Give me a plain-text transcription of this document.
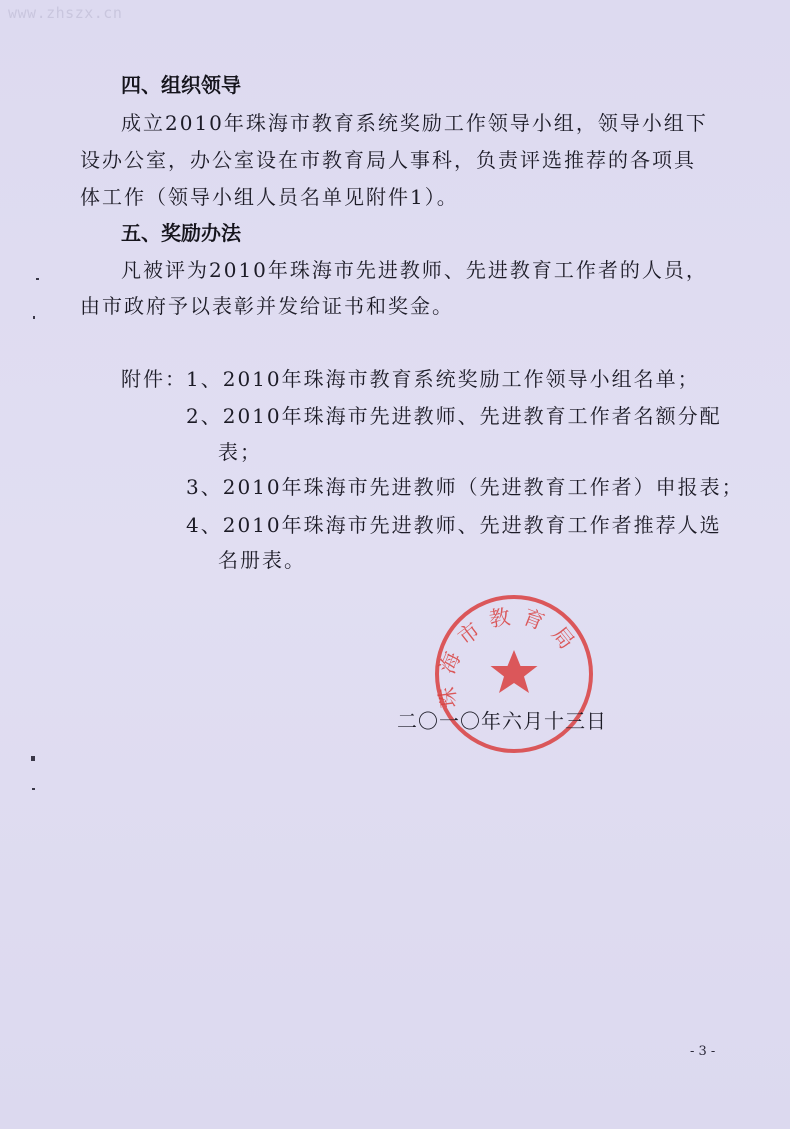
www.zhszx.cn
四、组织领导
成立2010年珠海市教育系统奖励工作领导小组，领导小组下
设办公室，办公室设在市教育局人事科，负责评选推荐的各项具
体工作（领导小组人员名单见附件1）。
五、奖励办法
凡被评为2010年珠海市先进教师、先进教育工作者的人员，
由市政府予以表彰并发给证书和奖金。
附件： 1、2010年珠海市教育系统奖励工作领导小组名单；
2、2010年珠海市先进教师、先进教育工作者名额分配
表；
3、2010年珠海市先进教师（先进教育工作者）申报表；
4、2010年珠海市先进教师、先进教育工作者推荐人选
名册表。
珠海市教育局
二〇一〇年六月十三日
- 3 -
